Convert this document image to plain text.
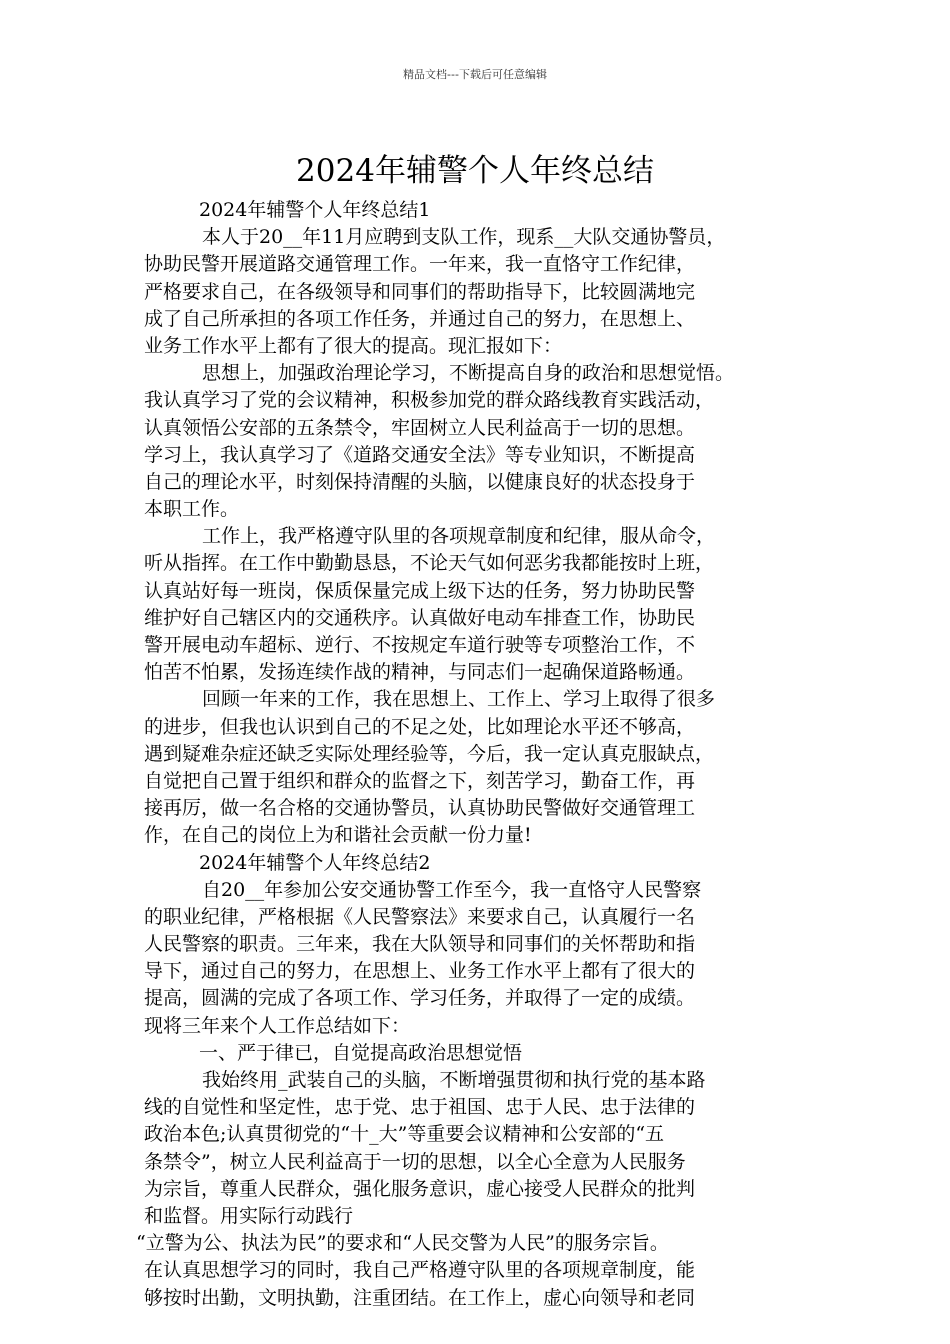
精品文档---下载后可任意编辑
2024年辅警个人年终总结
2024年辅警个人年终总结1
本人于20__年11月应聘到支队工作，现系__大队交通协警员，
协助民警开展道路交通管理工作。一年来，我一直恪守工作纪律，
严格要求自己，在各级领导和同事们的帮助指导下，比较圆满地完
成了自己所承担的各项工作任务，并通过自己的努力，在思想上、
业务工作水平上都有了很大的提高。现汇报如下：
思想上，加强政治理论学习，不断提高自身的政治和思想觉悟。
我认真学习了党的会议精神，积极参加党的群众路线教育实践活动，
认真领悟公安部的五条禁令，牢固树立人民利益高于一切的思想。
学习上，我认真学习了《道路交通安全法》等专业知识，不断提高
自己的理论水平，时刻保持清醒的头脑，以健康良好的状态投身于
本职工作。
工作上，我严格遵守队里的各项规章制度和纪律，服从命令，
听从指挥。在工作中勤勤恳恳，不论天气如何恶劣我都能按时上班，
认真站好每一班岗，保质保量完成上级下达的任务，努力协助民警
维护好自己辖区内的交通秩序。认真做好电动车排查工作，协助民
警开展电动车超标、逆行、不按规定车道行驶等专项整治工作，不
怕苦不怕累，发扬连续作战的精神，与同志们一起确保道路畅通。
回顾一年来的工作，我在思想上、工作上、学习上取得了很多
的进步，但我也认识到自己的不足之处，比如理论水平还不够高，
遇到疑难杂症还缺乏实际处理经验等，今后，我一定认真克服缺点，
自觉把自己置于组织和群众的监督之下，刻苦学习，勤奋工作，再
接再厉，做一名合格的交通协警员，认真协助民警做好交通管理工
作，在自己的岗位上为和谐社会贡献一份力量!
2024年辅警个人年终总结2
自20__年参加公安交通协警工作至今，我一直恪守人民警察
的职业纪律，严格根据《人民警察法》来要求自己，认真履行一名
人民警察的职责。三年来，我在大队领导和同事们的关怀帮助和指
导下，通过自己的努力，在思想上、业务工作水平上都有了很大的
提高，圆满的完成了各项工作、学习任务，并取得了一定的成绩。
现将三年来个人工作总结如下：
一、严于律已，自觉提高政治思想觉悟
我始终用_武装自己的头脑，不断增强贯彻和执行党的基本路
线的自觉性和坚定性，忠于党、忠于祖国、忠于人民、忠于法律的
政治本色;认真贯彻党的“十_大”等重要会议精神和公安部的“五
条禁令”，树立人民利益高于一切的思想，以全心全意为人民服务
为宗旨，尊重人民群众，强化服务意识，虚心接受人民群众的批判
和监督。用实际行动践行
“立警为公、执法为民”的要求和“人民交警为人民”的服务宗旨。
在认真思想学习的同时，我自己严格遵守队里的各项规章制度，能
够按时出勤，文明执勤，注重团结。在工作上，虚心向领导和老同
